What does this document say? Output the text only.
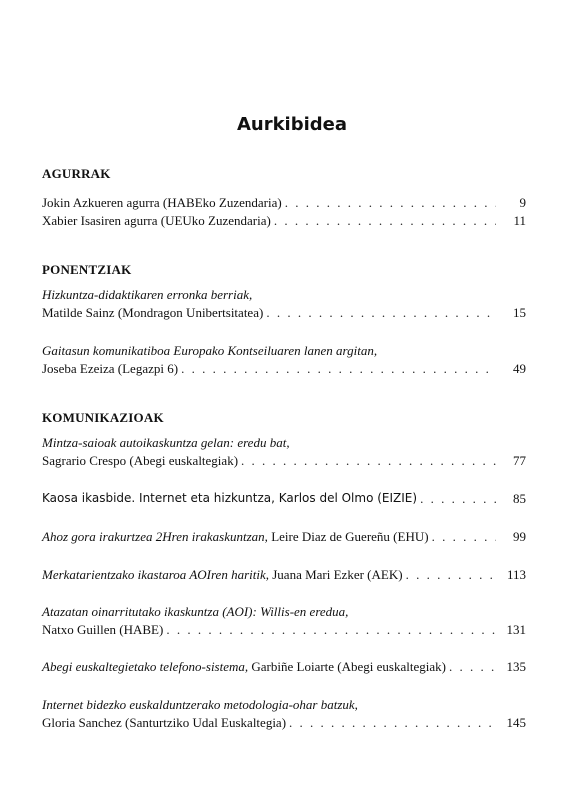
Aurkibidea
AGURRAK
Jokin Azkueren agurra (HABEko Zuzendaria) . . .	9
Xabier Isasiren agurra (UEUko Zuzendaria) . . .	11
PONENTZIAK
Hizkuntza-didaktikaren erronka berriak,
Matilde Sainz (Mondragon Unibertsitatea) . . .	15
Gaitasun komunikatiboa Europako Kontseiluaren lanen argitan,
Joseba Ezeiza (Legazpi 6) . . .	49
KOMUNIKAZIOAK
Mintza-saioak autoikaskuntza gelan: eredu bat,
Sagrario Crespo (Abegi euskaltegiak) . . .	77
Kaosa ikasbide. Internet eta hizkuntza, Karlos del Olmo (EIZIE) . . .	85
Ahoz gora irakurtzea 2Hren irakaskuntzan, Leire Diaz de Guereñu (EHU) . . .	99
Merkatarientzako ikastaroa AOIren haritik, Juana Mari Ezker (AEK) . . .	113
Atazatan oinarritutako ikaskuntza (AOI): Willis-en eredua,
Natxo Guillen (HABE) . . .	131
Abegi euskaltegietako telefono-sistema, Garbiñe Loiarte (Abegi euskaltegiak) . . .	135
Internet bidezko euskalduntzerako metodologia-ohar batzuk,
Gloria Sanchez (Santurtziko Udal Euskaltegia) . . .	145
